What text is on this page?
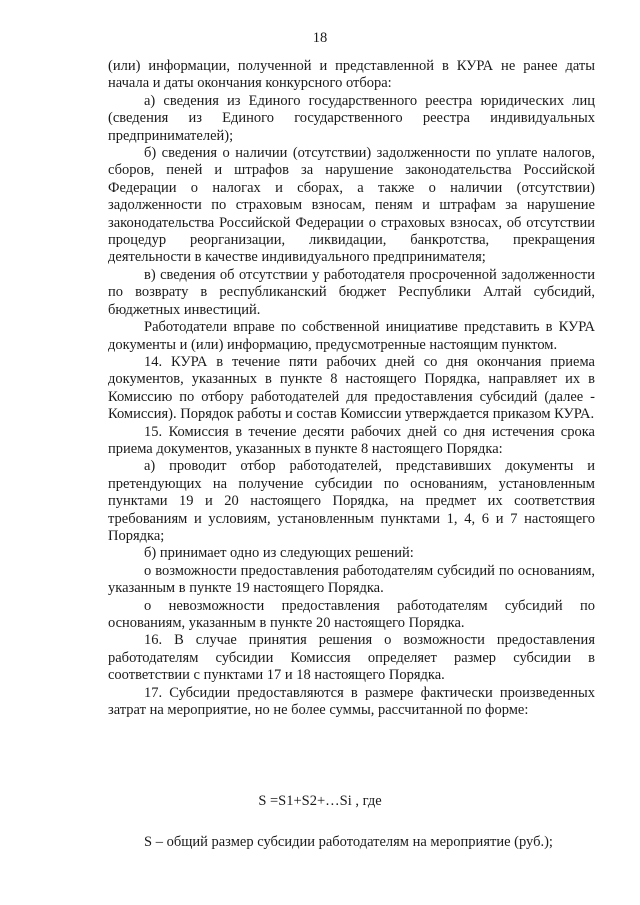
18

(или) информации, полученной и представленной в КУРА не ранее даты начала и даты окончания конкурсного отбора:

а) сведения из Единого государственного реестра юридических лиц (сведения из Единого государственного реестра индивидуальных предпринимателей);

б) сведения о наличии (отсутствии) задолженности по уплате налогов, сборов, пеней и штрафов за нарушение законодательства Российской Федерации о налогах и сборах, а также о наличии (отсутствии) задолженности по страховым взносам, пеням и штрафам за нарушение законодательства Российской Федерации о страховых взносах, об отсутствии процедур реорганизации, ликвидации, банкротства, прекращения деятельности в качестве индивидуального предпринимателя;

в) сведения об отсутствии у работодателя просроченной задолженности по возврату в республиканский бюджет Республики Алтай субсидий, бюджетных инвестиций.

Работодатели вправе по собственной инициативе представить в КУРА документы и (или) информацию, предусмотренные настоящим пунктом.

14. КУРА в течение пяти рабочих дней со дня окончания приема документов, указанных в пункте 8 настоящего Порядка, направляет их в Комиссию по отбору работодателей для предоставления субсидий (далее - Комиссия). Порядок работы и состав Комиссии утверждается приказом КУРА.

15. Комиссия в течение десяти рабочих дней со дня истечения срока приема документов, указанных в пункте 8 настоящего Порядка:

а) проводит отбор работодателей, представивших документы и претендующих на получение субсидии по основаниям, установленным пунктами 19 и 20 настоящего Порядка, на предмет их соответствия требованиям и условиям, установленным пунктами 1, 4, 6 и 7 настоящего Порядка;

б) принимает одно из следующих решений:

о возможности предоставления работодателям субсидий по основаниям, указанным в пункте 19 настоящего Порядка.

о невозможности предоставления работодателям субсидий по основаниям, указанным в пункте 20 настоящего Порядка.

16. В случае принятия решения о возможности предоставления работодателям субсидии Комиссия определяет размер субсидии в соответствии с пунктами 17 и 18 настоящего Порядка.

17. Субсидии предоставляются в размере фактически произведенных затрат на мероприятие, но не более суммы, рассчитанной по форме:

S =S1+S2+…Si , где

S – общий размер субсидии работодателям на мероприятие (руб.);
